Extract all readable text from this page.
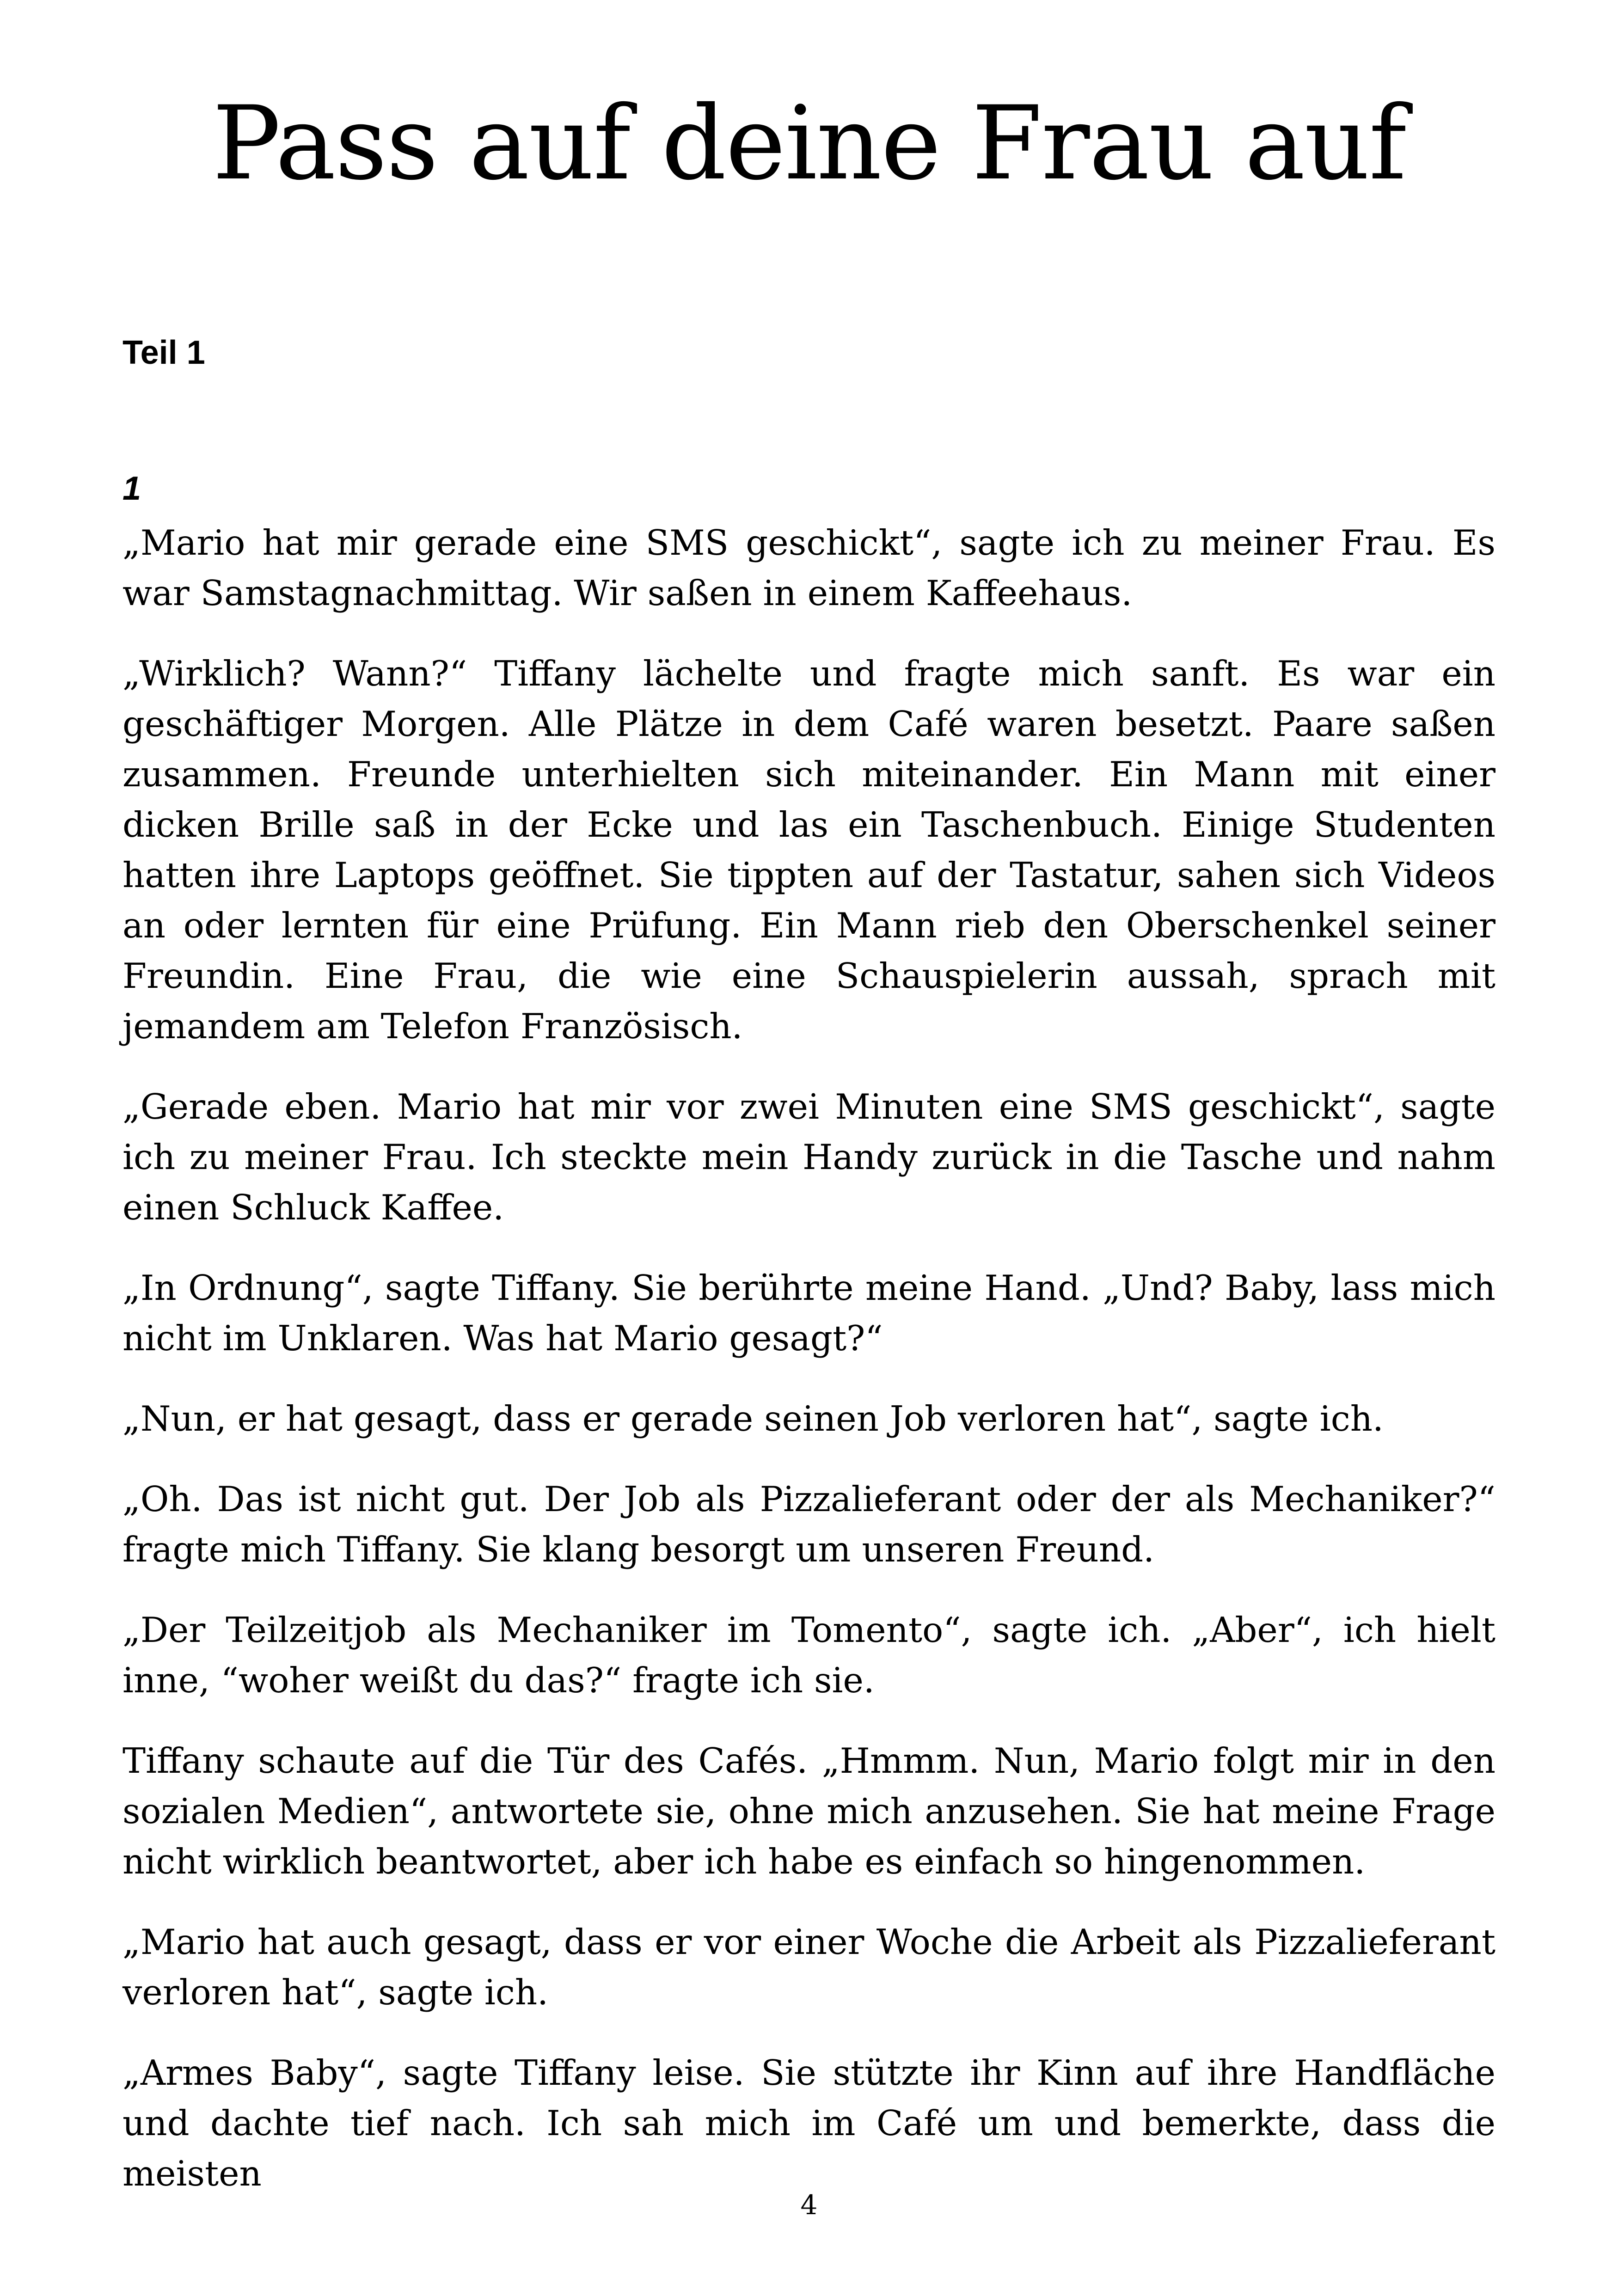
Pass auf deine Frau auf
Teil 1
1

„Mario hat mir gerade eine SMS geschickt“, sagte ich zu meiner Frau. Es war Samstagnachmittag. Wir saßen in einem Kaffeehaus.

„Wirklich? Wann?“ Tiffany lächelte und fragte mich sanft. Es war ein geschäftiger Morgen. Alle Plätze in dem Café waren besetzt. Paare saßen zusammen. Freunde unterhielten sich miteinander. Ein Mann mit einer dicken Brille saß in der Ecke und las ein Taschenbuch. Einige Studenten hatten ihre Laptops geöffnet. Sie tippten auf der Tastatur, sahen sich Videos an oder lernten für eine Prüfung. Ein Mann rieb den Oberschenkel seiner Freundin. Eine Frau, die wie eine Schauspielerin aussah, sprach mit jemandem am Telefon Französisch.

„Gerade eben. Mario hat mir vor zwei Minuten eine SMS geschickt“, sagte ich zu meiner Frau. Ich steckte mein Handy zurück in die Tasche und nahm einen Schluck Kaffee.

„In Ordnung“, sagte Tiffany. Sie berührte meine Hand. „Und? Baby, lass mich nicht im Unklaren. Was hat Mario gesagt?“

„Nun, er hat gesagt, dass er gerade seinen Job verloren hat“, sagte ich.

„Oh. Das ist nicht gut. Der Job als Pizzalieferant oder der als Mechaniker?“ fragte mich Tiffany. Sie klang besorgt um unseren Freund.

„Der Teilzeitjob als Mechaniker im Tomento“, sagte ich. „Aber“, ich hielt inne, “woher weißt du das?“ fragte ich sie.

Tiffany schaute auf die Tür des Cafés. „Hmmm. Nun, Mario folgt mir in den sozialen Medien“, antwortete sie, ohne mich anzusehen. Sie hat meine Frage nicht wirklich beantwortet, aber ich habe es einfach so hingenommen.

„Mario hat auch gesagt, dass er vor einer Woche die Arbeit als Pizzalieferant verloren hat“, sagte ich.

„Armes Baby“, sagte Tiffany leise. Sie stützte ihr Kinn auf ihre Handfläche und dachte tief nach. Ich sah mich im Café um und bemerkte, dass die meisten

4
